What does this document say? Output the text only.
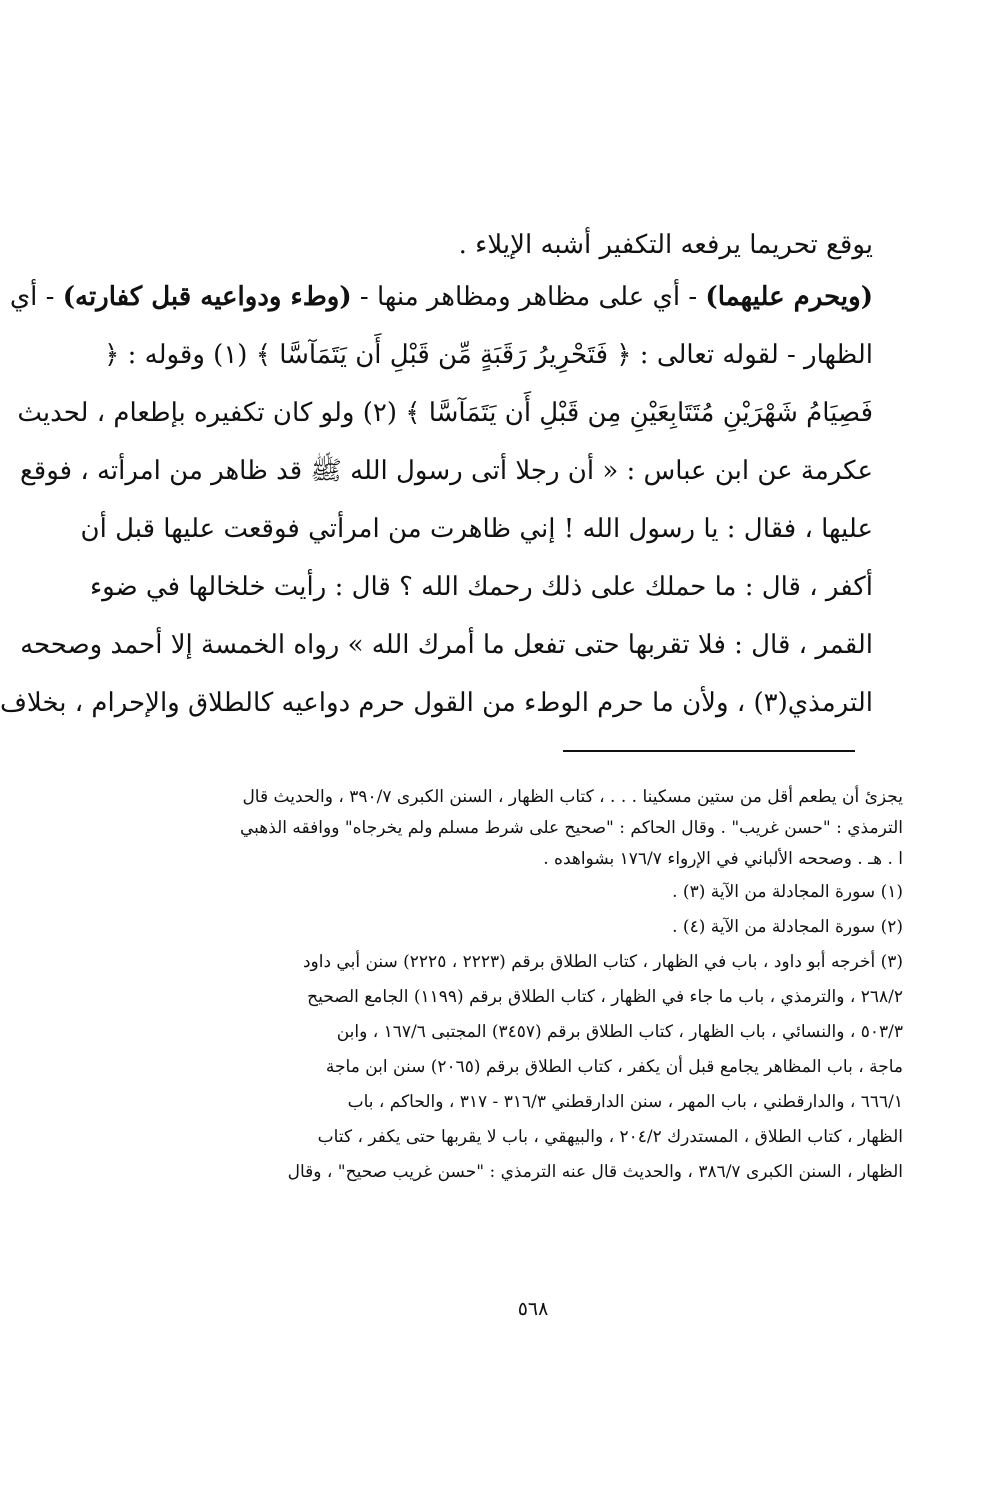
يوقع تحريما يرفعه التكفير أشبه الإيلاء .
(ويحرم عليهما) - أي على مظاهر ومظاهر منها - (وطء ودواعيه قبل كفارته) - أي
الظهار - لقوله تعالى : ﴿ فَتَحْرِيرُ رَقَبَةٍ مِّن قَبْلِ أَن يَتَمَآسَّا ﴾ (١) وقوله : ﴿
فَصِيَامُ شَهْرَيْنِ مُتَتَابِعَيْنِ مِن قَبْلِ أَن يَتَمَآسَّا ﴾ (٢) ولو كان تكفيره بإطعام ، لحديث
عكرمة عن ابن عباس : « أن رجلا أتى رسول الله ﷺ قد ظاهر من امرأته ، فوقع
عليها ، فقال : يا رسول الله ! إني ظاهرت من امرأتي فوقعت عليها قبل أن
أكفر ، قال : ما حملك على ذلك رحمك الله ؟ قال : رأيت خلخالها في ضوء
القمر ، قال : فلا تقربها حتى تفعل ما أمرك الله » رواه الخمسة إلا أحمد وصححه
الترمذي(٣) ، ولأن ما حرم الوطء من القول حرم دواعيه كالطلاق والإحرام ، بخلاف
يجزئ أن يطعم أقل من ستين مسكينا . . . ، كتاب الظهار ، السنن الكبرى ٣٩٠/٧ ، والحديث قال
الترمذي : "حسن غريب" . وقال الحاكم : "صحيح على شرط مسلم ولم يخرجاه" ووافقه الذهبي
ا . هـ . وصححه الألباني في الإرواء ١٧٦/٧ بشواهده .
(١) سورة المجادلة من الآية (٣) .
(٢) سورة المجادلة من الآية (٤) .
(٣) أخرجه أبو داود ، باب في الظهار ، كتاب الطلاق برقم (٢٢٢٣ ، ٢٢٢٥) سنن أبي داود
٢٦٨/٢ ، والترمذي ، باب ما جاء في الظهار ، كتاب الطلاق برقم (١١٩٩) الجامع الصحيح
٥٠٣/٣ ، والنسائي ، باب الظهار ، كتاب الطلاق برقم (٣٤٥٧) المجتبى ١٦٧/٦ ، وابن
ماجة ، باب المظاهر يجامع قبل أن يكفر ، كتاب الطلاق برقم (٢٠٦٥) سنن ابن ماجة
٦٦٦/١ ، والدارقطني ، باب المهر ، سنن الدارقطني ٣١٦/٣ - ٣١٧ ، والحاكم ، باب
الظهار ، كتاب الطلاق ، المستدرك ٢٠٤/٢ ، والبيهقي ، باب لا يقربها حتى يكفر ، كتاب
الظهار ، السنن الكبرى ٣٨٦/٧ ، والحديث قال عنه الترمذي : "حسن غريب صحيح" ، وقال
٥٦٨
